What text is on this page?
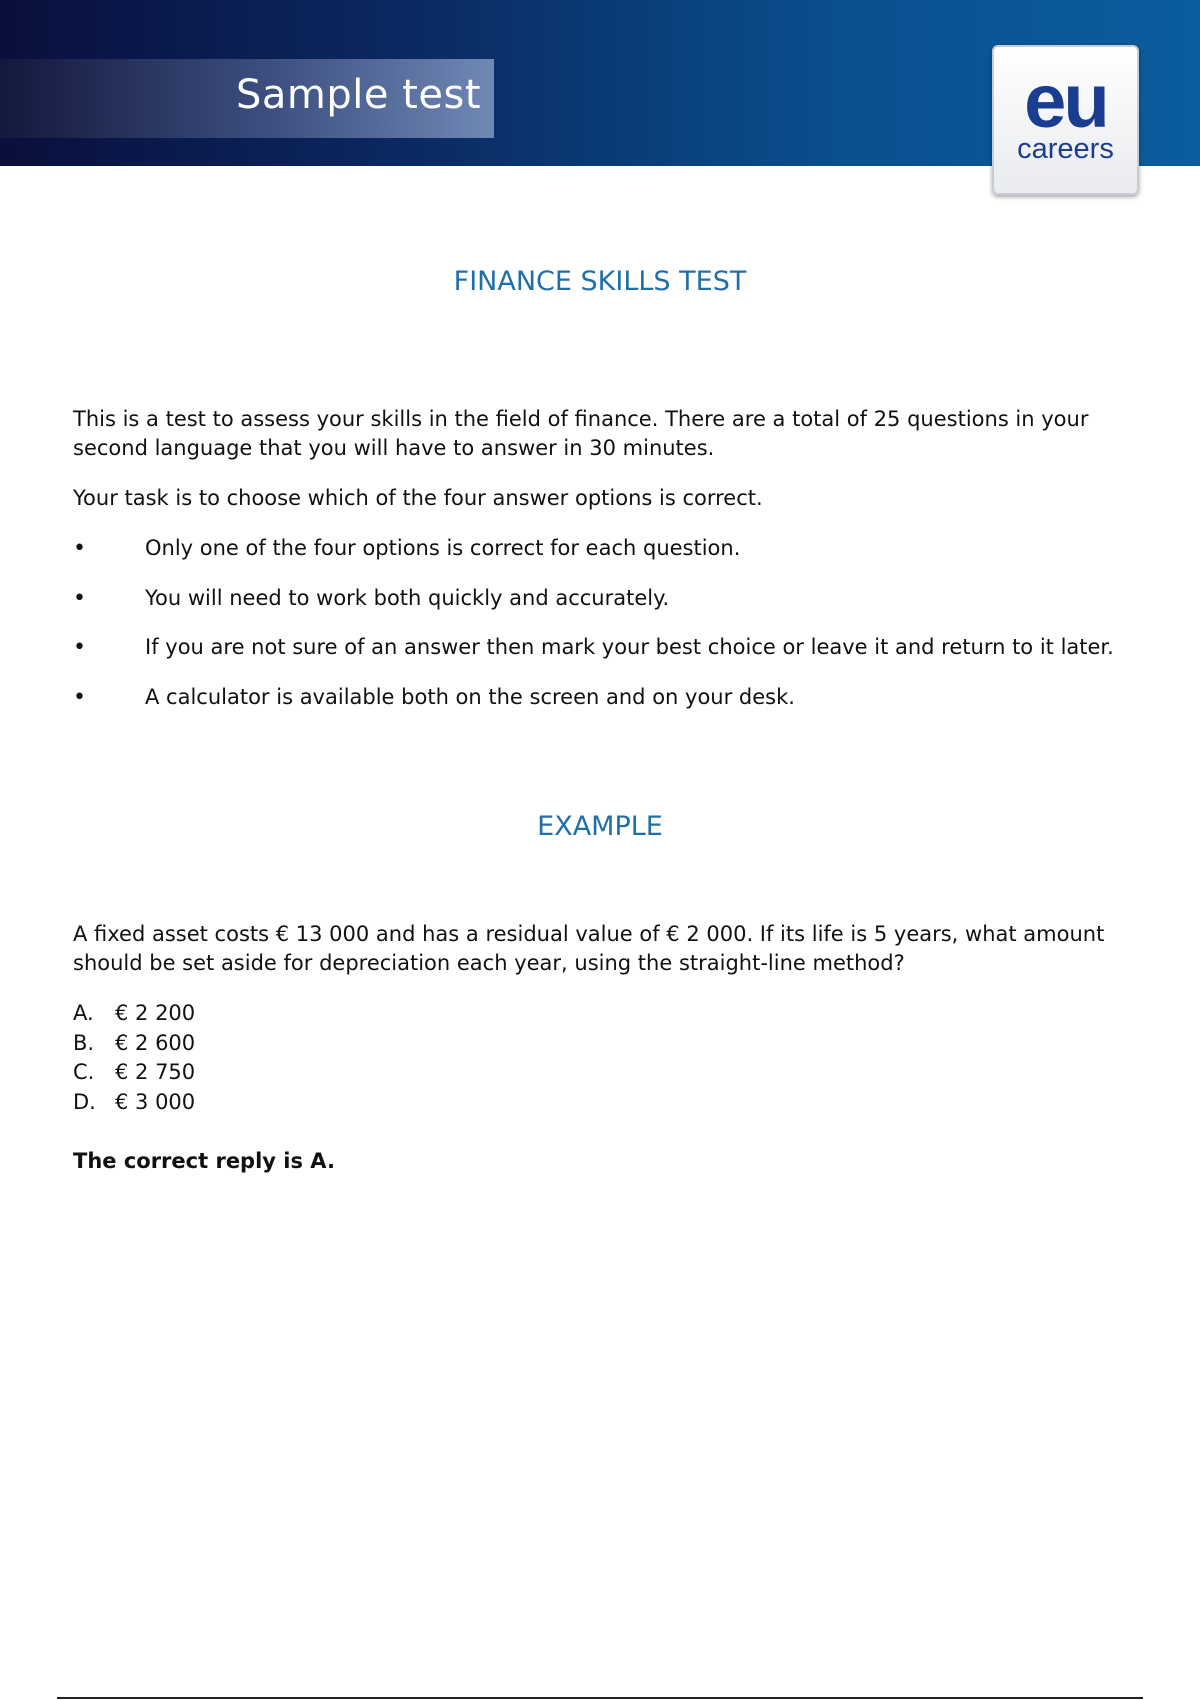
Sample test	eu
careers
FINANCE SKILLS TEST
This is a test to assess your skills in the field of finance. There are a total of 25 questions in your second language that you will have to answer in 30 minutes.
Your task is to choose which of the four answer options is correct.
•	Only one of the four options is correct for each question.
•	You will need to work both quickly and accurately.
•	If you are not sure of an answer then mark your best choice or leave it and return to it later.
•	A calculator is available both on the screen and on your desk.
EXAMPLE
A fixed asset costs € 13 000 and has a residual value of € 2 000. If its life is 5 years, what amount should be set aside for depreciation each year, using the straight-line method?
A. € 2 200
B. € 2 600
C. € 2 750
D. € 3 000
The correct reply is A.
